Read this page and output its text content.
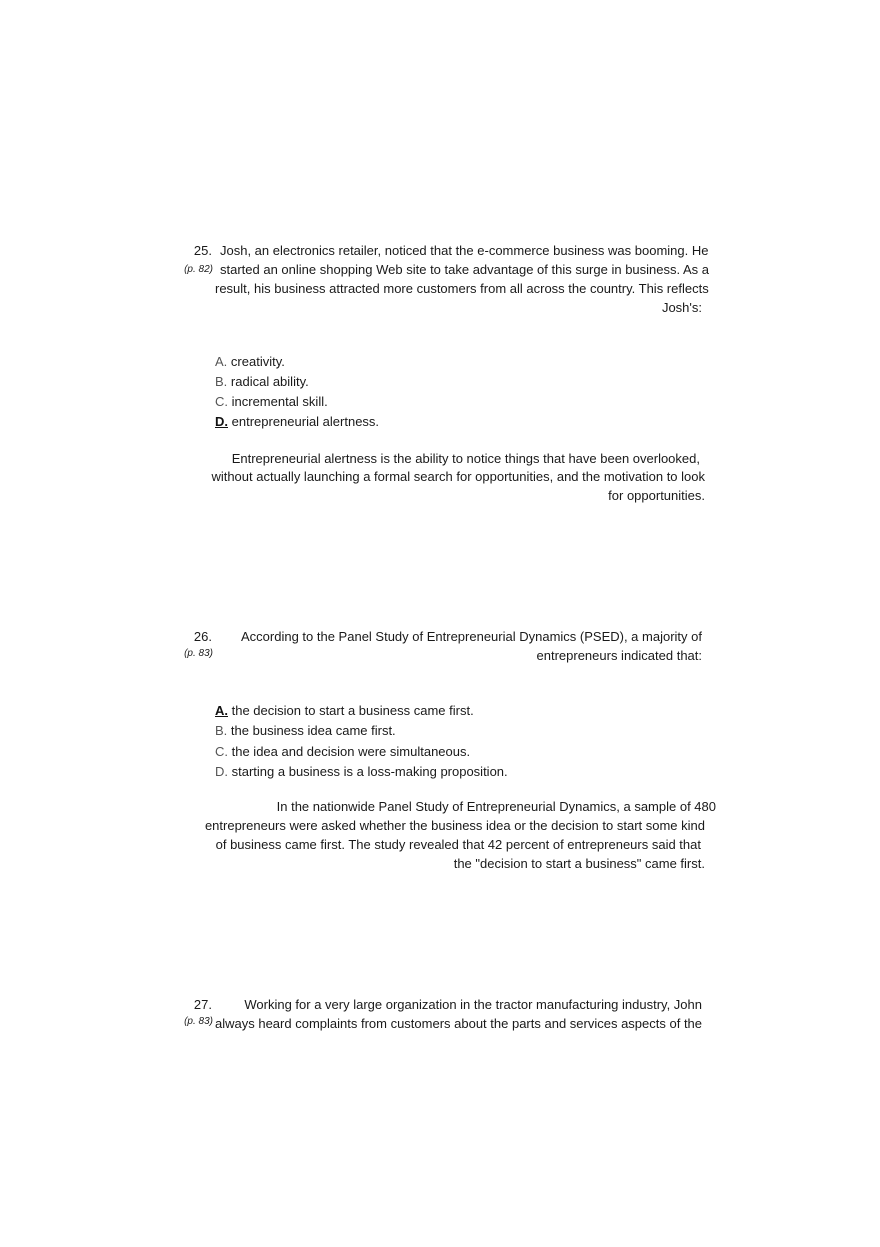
25.
(p. 82)
Josh, an electronics retailer, noticed that the e-commerce business was booming. He
started an online shopping Web site to take advantage of this surge in business. As a
result, his business attracted more customers from all across the country. This reflects
Josh's:
A. creativity.
B. radical ability.
C. incremental skill.
D. entrepreneurial alertness.
Entrepreneurial alertness is the ability to notice things that have been overlooked,
without actually launching a formal search for opportunities, and the motivation to look
for opportunities.
26.
(p. 83)
According to the Panel Study of Entrepreneurial Dynamics (PSED), a majority of
entrepreneurs indicated that:
A. the decision to start a business came first.
B. the business idea came first.
C. the idea and decision were simultaneous.
D. starting a business is a loss-making proposition.
In the nationwide Panel Study of Entrepreneurial Dynamics, a sample of 480
entrepreneurs were asked whether the business idea or the decision to start some kind
of business came first. The study revealed that 42 percent of entrepreneurs said that
the "decision to start a business" came first.
27.
(p. 83)
Working for a very large organization in the tractor manufacturing industry, John
always heard complaints from customers about the parts and services aspects of the
